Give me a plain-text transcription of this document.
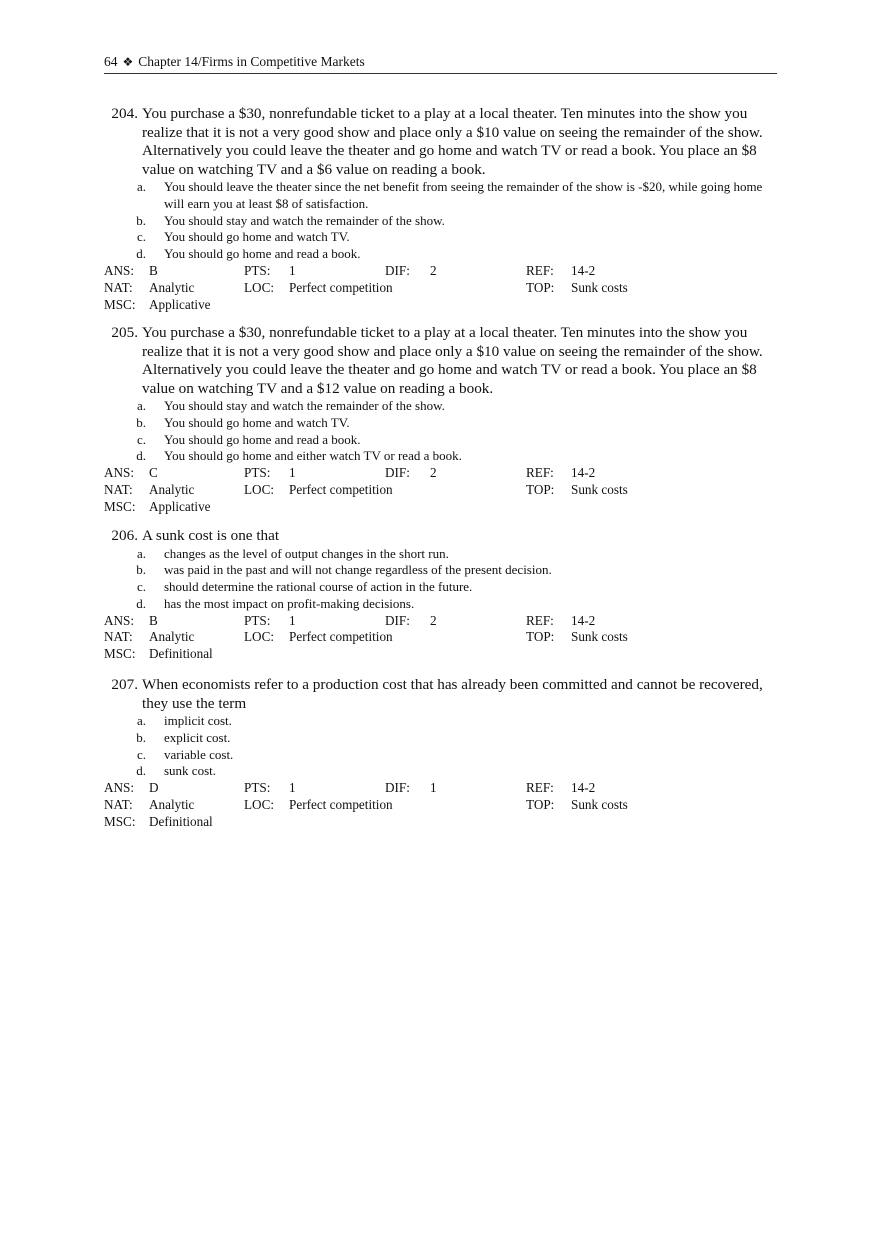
64 ❖ Chapter 14/Firms in Competitive Markets
204. You purchase a $30, nonrefundable ticket to a play at a local theater. Ten minutes into the show you realize that it is not a very good show and place only a $10 value on seeing the remainder of the show. Alternatively you could leave the theater and go home and watch TV or read a book. You place an $8 value on watching TV and a $6 value on reading a book.
a.	You should leave the theater since the net benefit from seeing the remainder of the show is -$20, while going home will earn you at least $8 of satisfaction.
b.	You should stay and watch the remainder of the show.
c.	You should go home and watch TV.
d.	You should go home and read a book.
ANS: B	PTS: 1	DIF: 2	REF: 14-2
NAT: Analytic	LOC: Perfect competition	TOP: Sunk costs
MSC: Applicative
205. You purchase a $30, nonrefundable ticket to a play at a local theater. Ten minutes into the show you realize that it is not a very good show and place only a $10 value on seeing the remainder of the show. Alternatively you could leave the theater and go home and watch TV or read a book. You place an $8 value on watching TV and a $12 value on reading a book.
a.	You should stay and watch the remainder of the show.
b.	You should go home and watch TV.
c.	You should go home and read a book.
d.	You should go home and either watch TV or read a book.
ANS: C	PTS: 1	DIF: 2	REF: 14-2
NAT: Analytic	LOC: Perfect competition	TOP: Sunk costs
MSC: Applicative
206. A sunk cost is one that
a.	changes as the level of output changes in the short run.
b.	was paid in the past and will not change regardless of the present decision.
c.	should determine the rational course of action in the future.
d.	has the most impact on profit-making decisions.
ANS: B	PTS: 1	DIF: 2	REF: 14-2
NAT: Analytic	LOC: Perfect competition	TOP: Sunk costs
MSC: Definitional
207. When economists refer to a production cost that has already been committed and cannot be recovered, they use the term
a.	implicit cost.
b.	explicit cost.
c.	variable cost.
d.	sunk cost.
ANS: D	PTS: 1	DIF: 1	REF: 14-2
NAT: Analytic	LOC: Perfect competition	TOP: Sunk costs
MSC: Definitional
